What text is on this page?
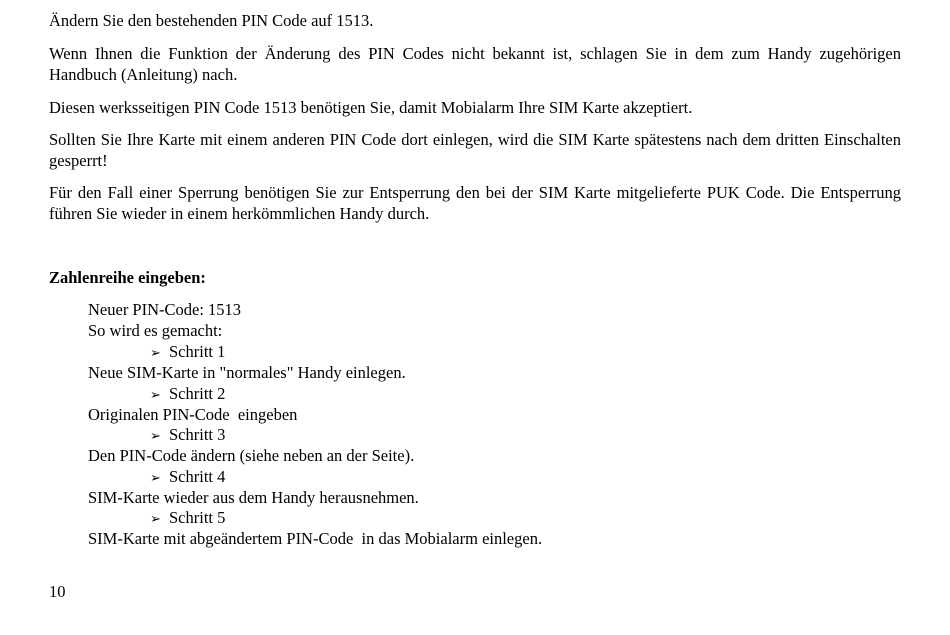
Ändern Sie den bestehenden PIN Code auf 1513.

Wenn Ihnen die Funktion der Änderung des PIN Codes nicht bekannt ist, schlagen Sie in dem zum Handy zugehörigen Handbuch (Anleitung) nach.

Diesen werksseitigen PIN Code 1513 benötigen Sie, damit Mobialarm Ihre SIM Karte akzeptiert.

Sollten Sie Ihre Karte mit einem anderen PIN Code dort einlegen, wird die SIM Karte spätestens nach dem dritten Einschalten gesperrt!

Für den Fall einer Sperrung benötigen Sie zur Entsperrung den bei der SIM Karte mitgelieferte PUK Code. Die Entsperrung führen Sie wieder in einem herkömmlichen Handy durch.

Zahlenreihe eingeben:

Neuer PIN-Code: 1513

So wird es gemacht:

➢ Schritt 1

Neue SIM-Karte in "normales" Handy einlegen.

➢ Schritt 2

Originalen PIN-Code  eingeben

➢ Schritt 3

Den PIN-Code ändern (siehe neben an der Seite).

➢ Schritt 4

SIM-Karte wieder aus dem Handy herausnehmen.

➢ Schritt 5

SIM-Karte mit abgeändertem PIN-Code  in das Mobialarm einlegen.

10
